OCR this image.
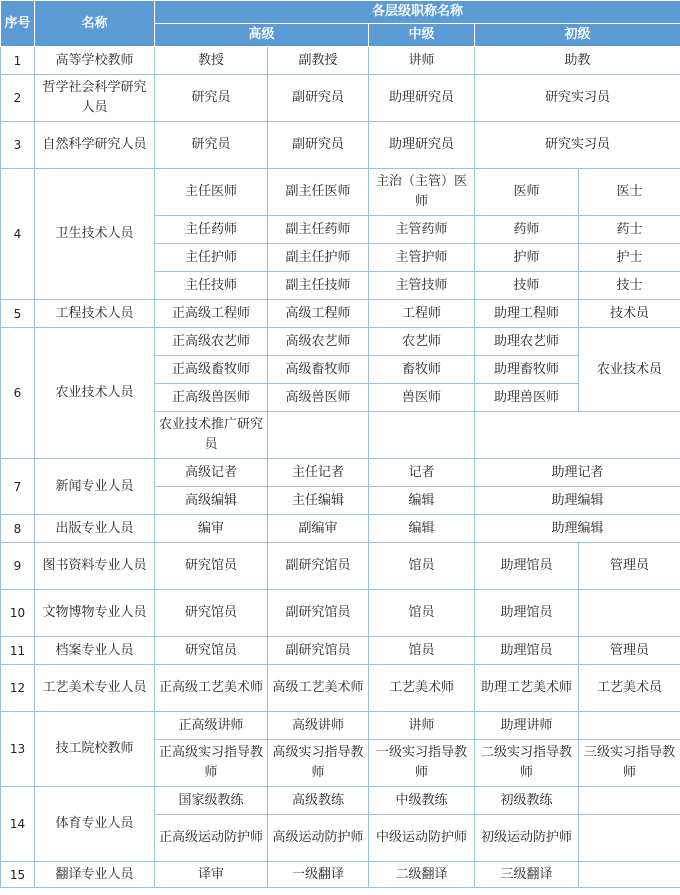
序号	名称	各层级职称名称				
		高级		中级	初级	
1	高等学校教师	教授	副教授	讲师	助教	
2	哲学社会科学研究人员	研究员	副研究员	助理研究员	研究实习员	
3	自然科学研究人员	研究员	副研究员	助理研究员	研究实习员	
4	卫生技术人员	主任医师	副主任医师	主治（主管）医师	医师	医士
		主任药师	副主任药师	主管药师	药师	药士
		主任护师	副主任护师	主管护师	护师	护士
		主任技师	副主任技师	主管技师	技师	技士
5	工程技术人员	正高级工程师	高级工程师	工程师	助理工程师	技术员
6	农业技术人员	正高级农艺师	高级农艺师	农艺师	助理农艺师	农业技术员
		正高级畜牧师	高级畜牧师	畜牧师	助理畜牧师	
		正高级兽医师	高级兽医师	兽医师	助理兽医师	
		农业技术推广研究员				
7	新闻专业人员	高级记者	主任记者	记者	助理记者	
		高级编辑	主任编辑	编辑	助理编辑	
8	出版专业人员	编审	副编审	编辑	助理编辑	
9	图书资料专业人员	研究馆员	副研究馆员	馆员	助理馆员	管理员
10	文物博物专业人员	研究馆员	副研究馆员	馆员	助理馆员	
11	档案专业人员	研究馆员	副研究馆员	馆员	助理馆员	管理员
12	工艺美术专业人员	正高级工艺美术师	高级工艺美术师	工艺美术师	助理工艺美术师	工艺美术员
13	技工院校教师	正高级讲师	高级讲师	讲师	助理讲师	
		正高级实习指导教师	高级实习指导教师	一级实习指导教师	二级实习指导教师	三级实习指导教师
14	体育专业人员	国家级教练	高级教练	中级教练	初级教练	
		正高级运动防护师	高级运动防护师	中级运动防护师	初级运动防护师	
15	翻译专业人员	译审	一级翻译	二级翻译	三级翻译	
